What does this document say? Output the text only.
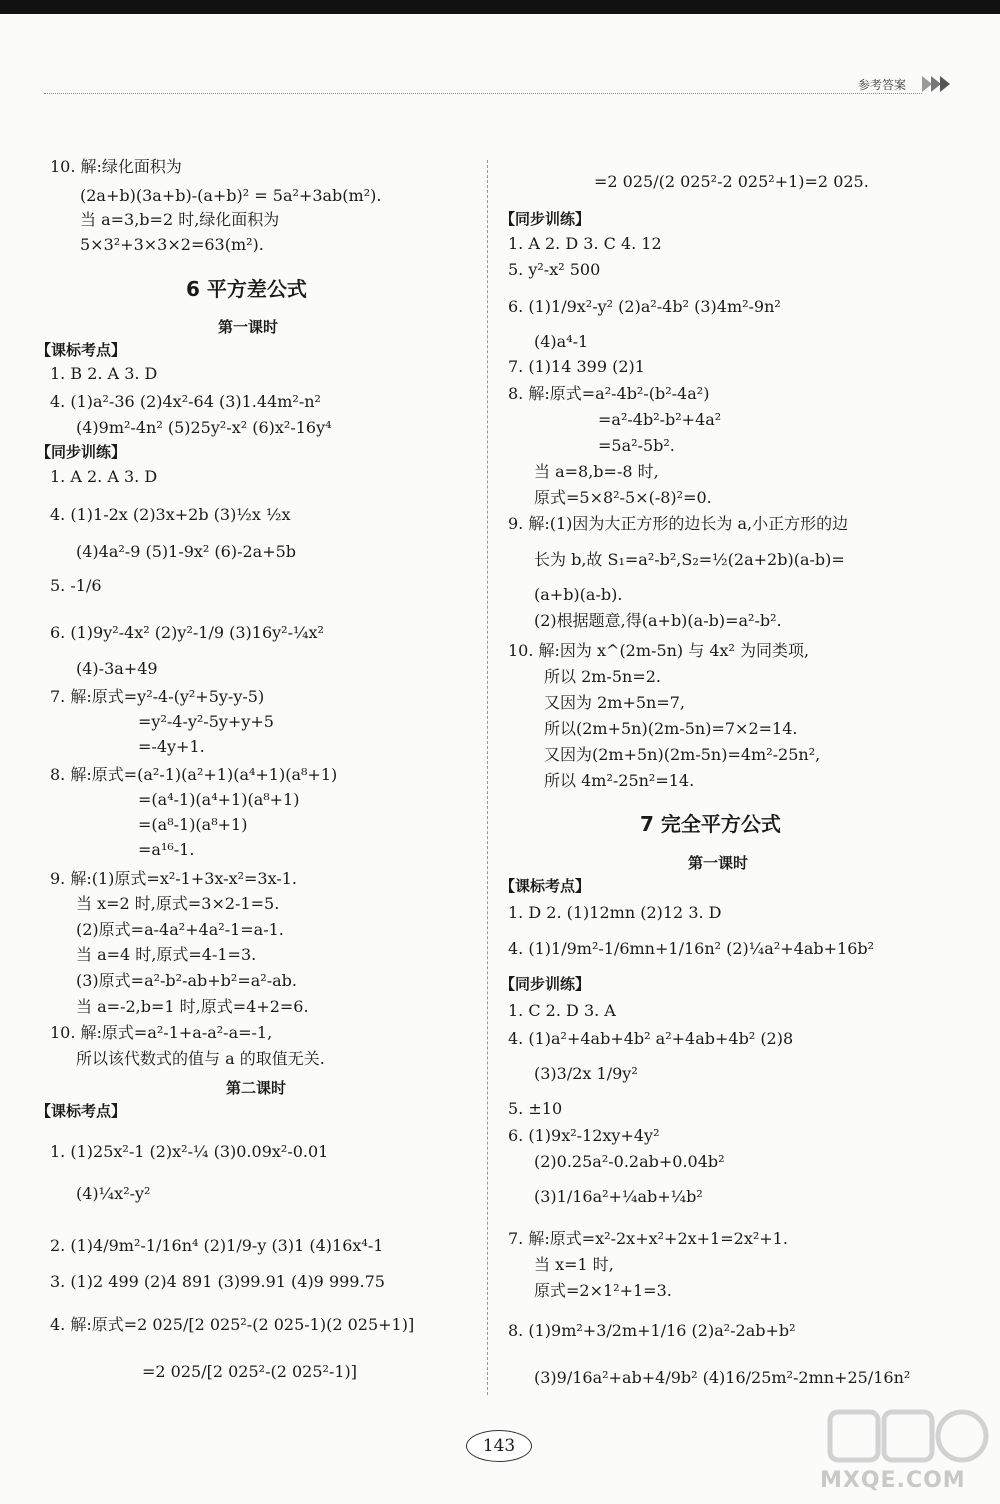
参考答案
10. 解:绿化面积为
(2a+b)(3a+b)-(a+b)² = 5a²+3ab(m²).
当 a=3,b=2 时,绿化面积为
5×3²+3×3×2=63(m²).
6 平方差公式
第一课时
【课标考点】
1. B 2. A 3. D
4. (1)a²-36 (2)4x²-64 (3)1.44m²-n²
(4)9m²-4n² (5)25y²-x² (6)x²-16y⁴
【同步训练】
1. A 2. A 3. D
4. (1)1-2x (2)3x+2b (3)½x ½x
(4)4a²-9 (5)1-9x² (6)-2a+5b
5. -1/6
6. (1)9y²-4x² (2)y²-1/9 (3)16y²-¼x²
(4)-3a+49
7. 解:原式=y²-4-(y²+5y-y-5)
=y²-4-y²-5y+y+5
=-4y+1.
8. 解:原式=(a²-1)(a²+1)(a⁴+1)(a⁸+1)
=(a⁴-1)(a⁴+1)(a⁸+1)
=(a⁸-1)(a⁸+1)
=a¹⁶-1.
9. 解:(1)原式=x²-1+3x-x²=3x-1.
当 x=2 时,原式=3×2-1=5.
(2)原式=a-4a²+4a²-1=a-1.
当 a=4 时,原式=4-1=3.
(3)原式=a²-b²-ab+b²=a²-ab.
当 a=-2,b=1 时,原式=4+2=6.
10. 解:原式=a²-1+a-a²-a=-1,
所以该代数式的值与 a 的取值无关.
第二课时
【课标考点】
1. (1)25x²-1 (2)x²-¼ (3)0.09x²-0.01
(4)¼x²-y²
2. (1)4/9m²-1/16n⁴ (2)1/9-y (3)1 (4)16x⁴-1
3. (1)2 499 (2)4 891 (3)99.91 (4)9 999.75
4. 解:原式=2 025/[2 025²-(2 025-1)(2 025+1)]
=2 025/[2 025²-(2 025²-1)]
=2 025/(2 025²-2 025²+1)=2 025.
【同步训练】
1. A 2. D 3. C 4. 12
5. y²-x² 500
6. (1)1/9x²-y² (2)a²-4b² (3)4m²-9n²
(4)a⁴-1
7. (1)14 399 (2)1
8. 解:原式=a²-4b²-(b²-4a²)
=a²-4b²-b²+4a²
=5a²-5b².
当 a=8,b=-8 时,
原式=5×8²-5×(-8)²=0.
9. 解:(1)因为大正方形的边长为 a,小正方形的边
长为 b,故 S₁=a²-b²,S₂=½(2a+2b)(a-b)=
(a+b)(a-b).
(2)根据题意,得(a+b)(a-b)=a²-b².
10. 解:因为 x^(2m-5n) 与 4x² 为同类项,
所以 2m-5n=2.
又因为 2m+5n=7,
所以(2m+5n)(2m-5n)=7×2=14.
又因为(2m+5n)(2m-5n)=4m²-25n²,
所以 4m²-25n²=14.
7 完全平方公式
第一课时
【课标考点】
1. D 2. (1)12mn (2)12 3. D
4. (1)1/9m²-1/6mn+1/16n² (2)¼a²+4ab+16b²
【同步训练】
1. C 2. D 3. A
4. (1)a²+4ab+4b² a²+4ab+4b² (2)8
(3)3/2x 1/9y²
5. ±10
6. (1)9x²-12xy+4y²
(2)0.25a²-0.2ab+0.04b²
(3)1/16a²+¼ab+¼b²
7. 解:原式=x²-2x+x²+2x+1=2x²+1.
当 x=1 时,
原式=2×1²+1=3.
8. (1)9m²+3/2m+1/16 (2)a²-2ab+b²
(3)9/16a²+ab+4/9b² (4)16/25m²-2mn+25/16n²
143
MXQE.COM
